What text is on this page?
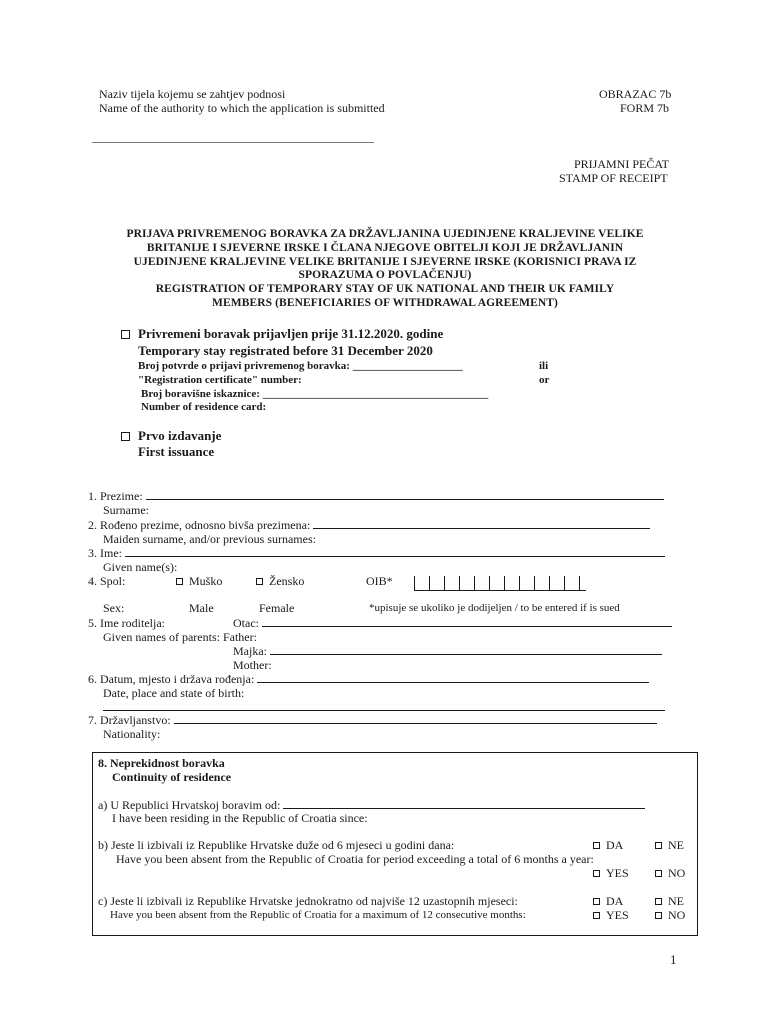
Naziv tijela kojemu se zahtjev podnosi
Name of the authority to which the application is submitted
OBRAZAC 7b
FORM 7b
_______________________________________________
PRIJAMNI PEČAT
STAMP OF RECEIPT
PRIJAVA PRIVREMENOG BORAVKA ZA DRŽAVLJANINA UJEDINJENE KRALJEVINE VELIKE
BRITANIJE I SJEVERNE IRSKE I ČLANA NJEGOVE OBITELJI KOJI JE DRŽAVLJANIN
UJEDINJENE KRALJEVINE VELIKE BRITANIJE I SJEVERNE IRSKE (KORISNICI PRAVA IZ
SPORAZUMA O POVLAČENJU)
REGISTRATION OF TEMPORARY STAY OF UK NATIONAL AND THEIR UK FAMILY
MEMBERS (BENEFICIARIES OF WITHDRAWAL AGREEMENT)
Privremeni boravak prijavljen prije 31.12.2020. godine
Temporary stay registrated before 31 December 2020
Broj potvrde o prijavi privremenog boravka: ____________________	ili
"Registration certificate" number:	or
Broj boravišne iskaznice: _________________________________________
Number of residence card:
Prvo izdavanje
First issuance
1. Prezime:
Surname:
2. Rođeno prezime, odnosno bivša prezimena:
Maiden surname, and/or previous surnames:
3. Ime:
Given name(s):
4. Spol:	Muško	Žensko	OIB*
Sex:	Male	Female	*upisuje se ukoliko je dodijeljen / to be entered if is sued
5. Ime roditelja:	Otac:
Given names of parents: Father:
Majka:
Mother:
6. Datum, mjesto i država rođenja:
Date, place and state of birth:
7. Državljanstvo:
Nationality:
8. Neprekidnost boravka
Continuity of residence
a) U Republici Hrvatskoj boravim od:
I have been residing in the Republic of Croatia since:
b) Jeste li izbivali iz Republike Hrvatske duže od 6 mjeseci u godini dana:	DA	NE
Have you been absent from the Republic of Croatia for period exceeding a total of 6 months a year:
YES	NO
c) Jeste li izbivali iz Republike Hrvatske jednokratno od najviše 12 uzastopnih mjeseci:	DA	NE
Have you been absent from the Republic of Croatia for a maximum of 12 consecutive months:	YES	NO
1
